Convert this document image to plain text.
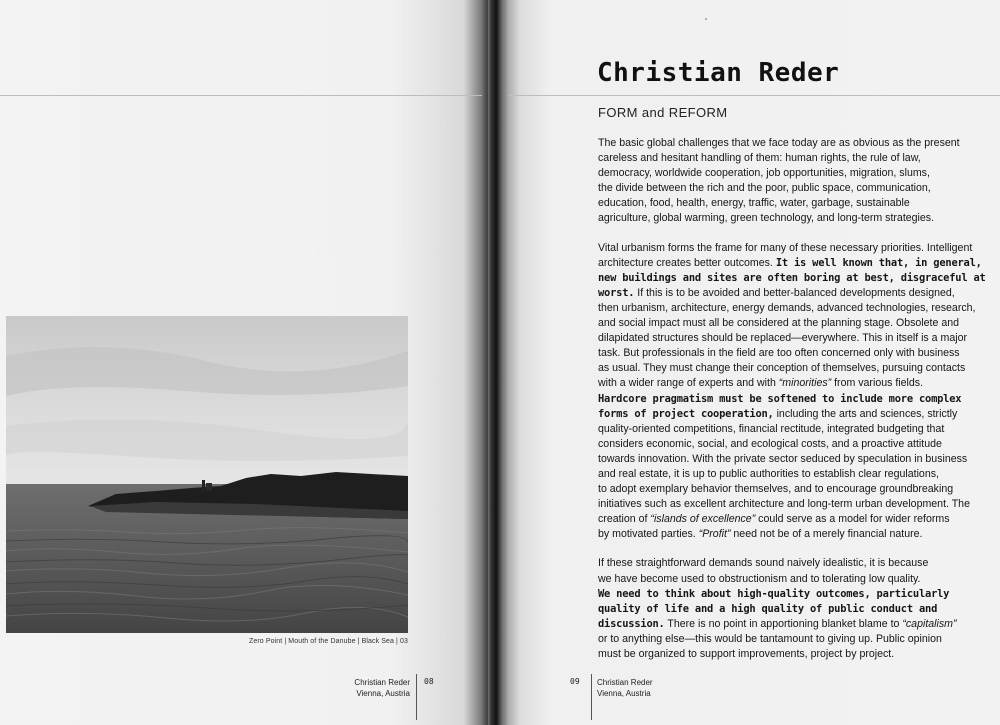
Zero Point | Mouth of the Danube | Black Sea | 03
Christian Reder
Vienna, Austria
08
Christian Reder
FORM and REFORM

The basic global challenges that we face today are as obvious as the present
careless and hesitant handling of them: human rights, the rule of law,
democracy, worldwide cooperation, job opportunities, migration, slums,
the divide between the rich and the poor, public space, communication,
education, food, health, energy, traffic, water, garbage, sustainable
agriculture, global warming, green technology, and long-term strategies.

Vital urbanism forms the frame for many of these necessary priorities. Intelligent
architecture creates better outcomes. It is well known that, in general,
new buildings and sites are often boring at best, disgraceful at
worst. If this is to be avoided and better-balanced developments designed,
then urbanism, architecture, energy demands, advanced technologies, research,
and social impact must all be considered at the planning stage. Obsolete and
dilapidated structures should be replaced—everywhere. This in itself is a major
task. But professionals in the field are too often concerned only with business
as usual. They must change their conception of themselves, pursuing contacts
with a wider range of experts and with “minorities” from various fields.
Hardcore pragmatism must be softened to include more complex
forms of project cooperation, including the arts and sciences, strictly
quality-oriented competitions, financial rectitude, integrated budgeting that
considers economic, social, and ecological costs, and a proactive attitude
towards innovation. With the private sector seduced by speculation in business
and real estate, it is up to public authorities to establish clear regulations,
to adopt exemplary behavior themselves, and to encourage groundbreaking
initiatives such as excellent architecture and long-term urban development. The
creation of “islands of excellence” could serve as a model for wider reforms
by motivated parties. “Profit” need not be of a merely financial nature.

If these straightforward demands sound naively idealistic, it is because
we have become used to obstructionism and to tolerating low quality.
We need to think about high-quality outcomes, particularly
quality of life and a high quality of public conduct and
discussion. There is no point in apportioning blanket blame to “capitalism”
or to anything else—this would be tantamount to giving up. Public opinion
must be organized to support improvements, project by project.

09 Christian Reder
Vienna, Austria
